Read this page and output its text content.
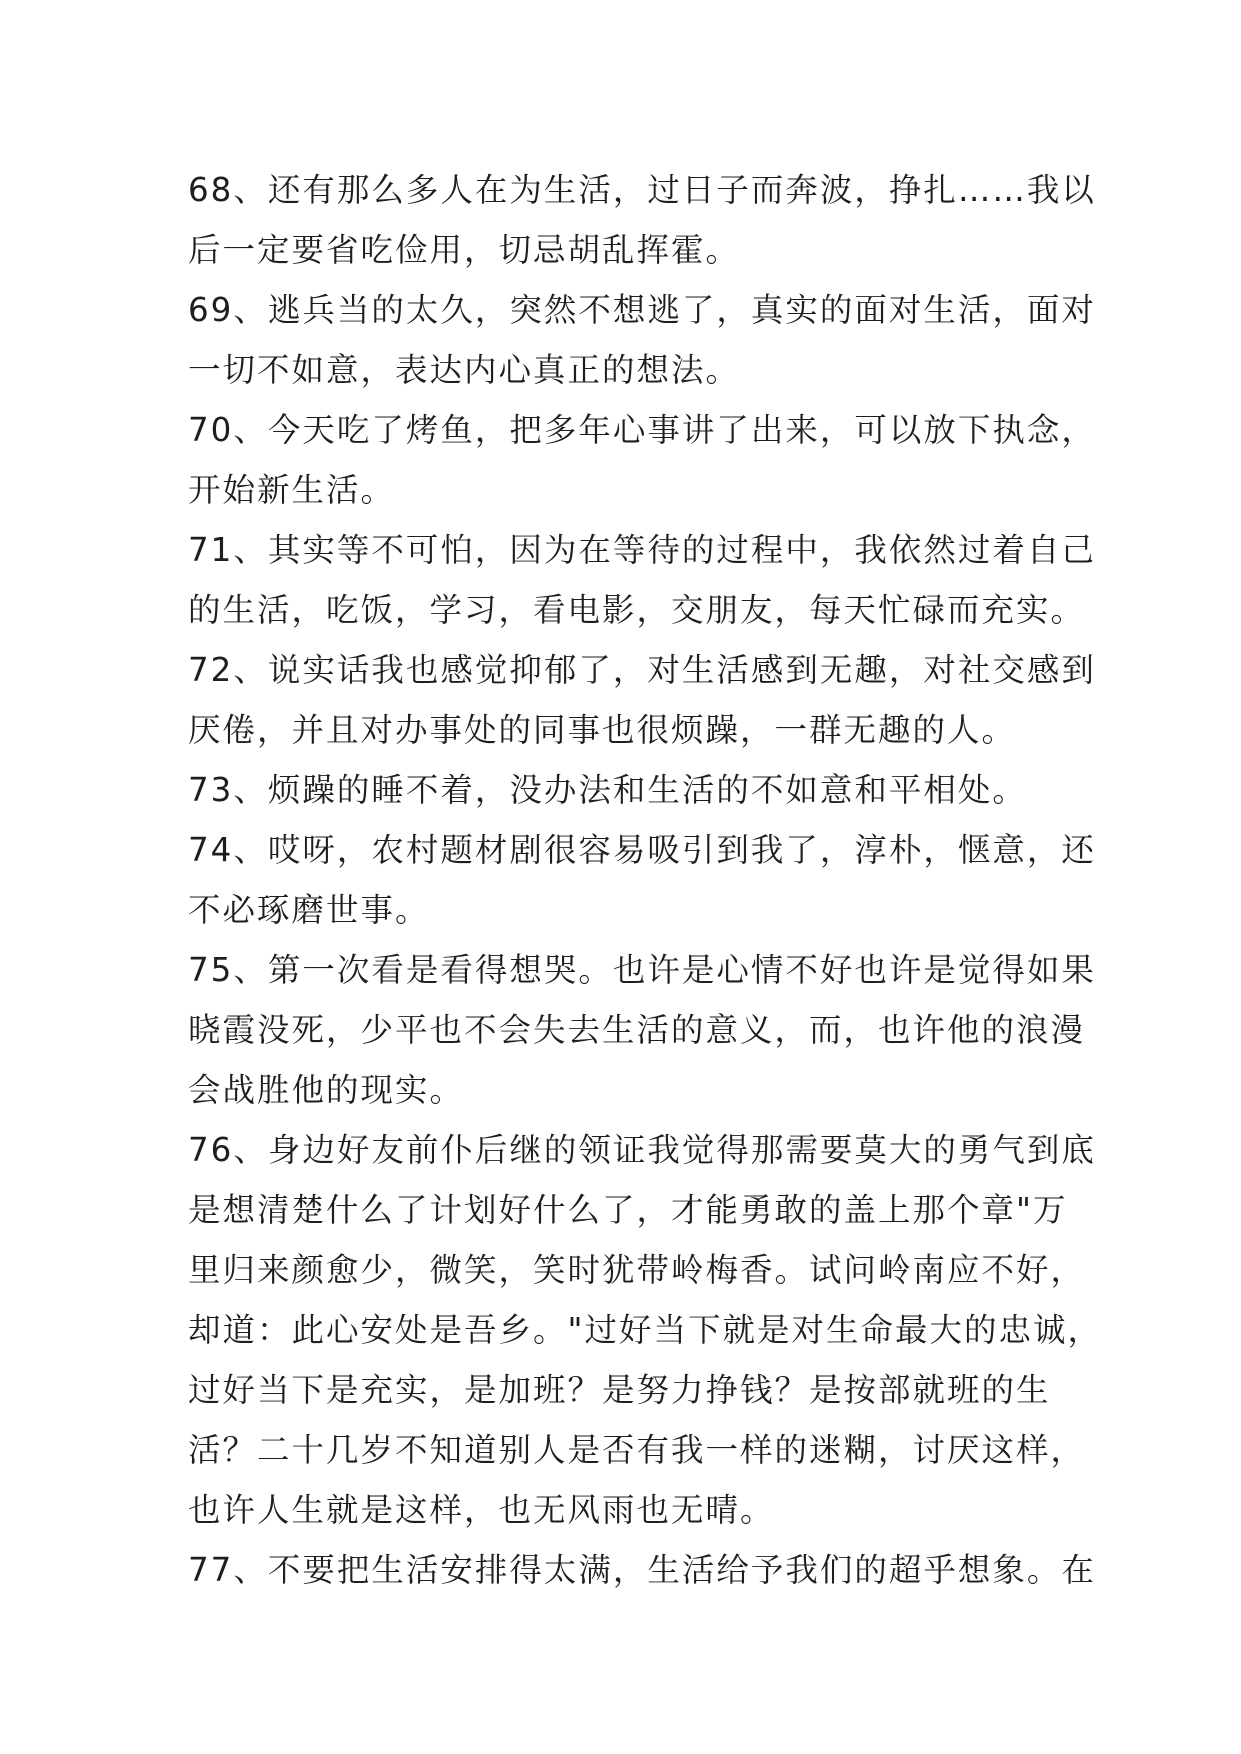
68、还有那么多人在为生活，过日子而奔波，挣扎……我以
后一定要省吃俭用，切忌胡乱挥霍。
69、逃兵当的太久，突然不想逃了，真实的面对生活，面对
一切不如意，表达内心真正的想法。
70、今天吃了烤鱼，把多年心事讲了出来，可以放下执念，
开始新生活。
71、其实等不可怕，因为在等待的过程中，我依然过着自己
的生活，吃饭，学习，看电影，交朋友，每天忙碌而充实。
72、说实话我也感觉抑郁了，对生活感到无趣，对社交感到
厌倦，并且对办事处的同事也很烦躁，一群无趣的人。
73、烦躁的睡不着，没办法和生活的不如意和平相处。
74、哎呀，农村题材剧很容易吸引到我了，淳朴，惬意，还
不必琢磨世事。
75、第一次看是看得想哭。也许是心情不好也许是觉得如果
晓霞没死，少平也不会失去生活的意义，而，也许他的浪漫
会战胜他的现实。
76、身边好友前仆后继的领证我觉得那需要莫大的勇气到底
是想清楚什么了计划好什么了，才能勇敢的盖上那个章"万
里归来颜愈少，微笑，笑时犹带岭梅香。试问岭南应不好，
却道：此心安处是吾乡。"过好当下就是对生命最大的忠诚，
过好当下是充实，是加班？是努力挣钱？是按部就班的生
活？二十几岁不知道别人是否有我一样的迷糊，讨厌这样，
也许人生就是这样，也无风雨也无晴。
77、不要把生活安排得太满，生活给予我们的超乎想象。在
